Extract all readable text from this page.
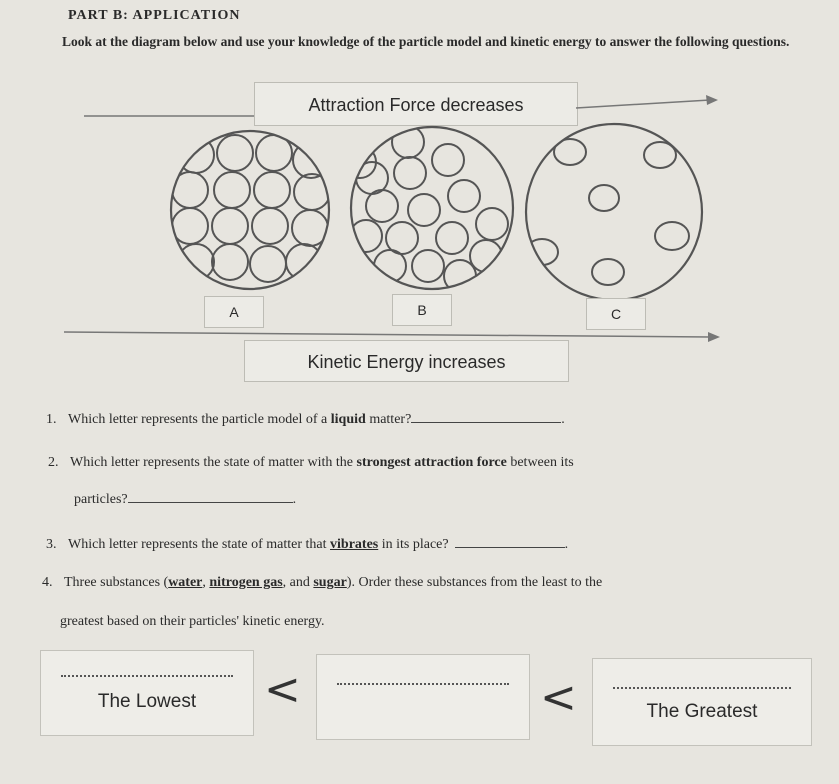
PART B: APPLICATION
Look at the diagram below and use your knowledge of the particle model and kinetic energy to answer the following questions.
Attraction Force decreases
A	B	C
Kinetic Energy increases
1. Which letter represents the particle model of a liquid matter?	.
2. Which letter represents the state of matter with the strongest attraction force between its
particles?	.
3. Which letter represents the state of matter that vibrates in its place?	.
4. Three substances (water, nitrogen gas, and sugar). Order these substances from the least to the
greatest based on their particles' kinetic energy.
The Lowest	<	<	The Greatest
